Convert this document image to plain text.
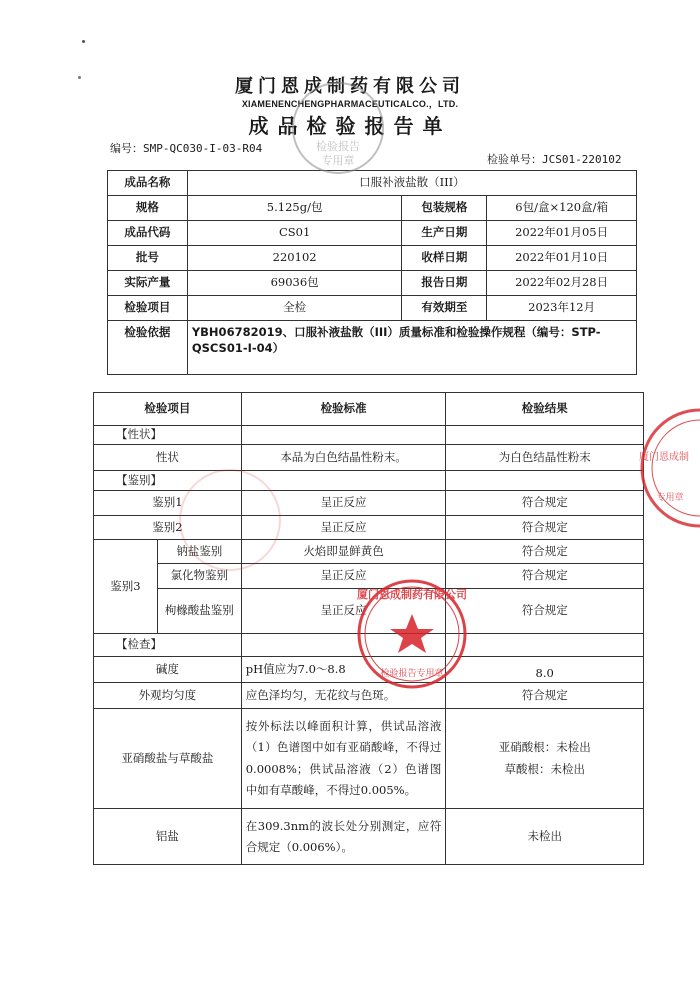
厦门恩成制药有限公司
XIAMENENCHENGPHARMACEUTICALCO.，LTD.
成品检验报告单
编号：SMP-QC030-I-03-R04
检验单号：JCS01-220102
成品名称	口服补液盐散（III）		
规格	5.125g/包	包装规格	6包/盒×120盒/箱
成品代码	CS01	生产日期	2022年01月05日
批号	220102	收样日期	2022年01月10日
实际产量	69036包	报告日期	2022年02月28日
检验项目	全检	有效期至	2023年12月
检验依据	YBH06782019、口服补液盐散（III）质量标准和检验操作规程（编号：STP-QSCS01-I-04）		
检验项目		检验标准	检验结果
【性状】			
性状		本品为白色结晶性粉末。	为白色结晶性粉末
【鉴别】			
鉴别1		呈正反应	符合规定
鉴别2		呈正反应	符合规定
鉴别3	钠盐鉴别	火焰即显鲜黄色	符合规定
	氯化物鉴别	呈正反应	符合规定
	枸橼酸盐鉴别	呈正反应	符合规定
【检查】			
碱度		pH值应为7.0～8.8	8.0
外观均匀度		应色泽均匀，无花纹与色斑。	符合规定
亚硝酸盐与草酸盐		按外标法以峰面积计算，供试品溶液（1）色谱图中如有亚硝酸峰，不得过0.0008%；供试品溶液（2）色谱图中如有草酸峰，不得过0.005%。	亚硝酸根：未检出
草酸根：未检出

铝盐		在309.3nm的波长处分别测定，应符合规定（0.006%）。	未检出
检验报告
专用章
厦门恩成制药有限公司
检验报告专用章
厦门恩成制
专用章
